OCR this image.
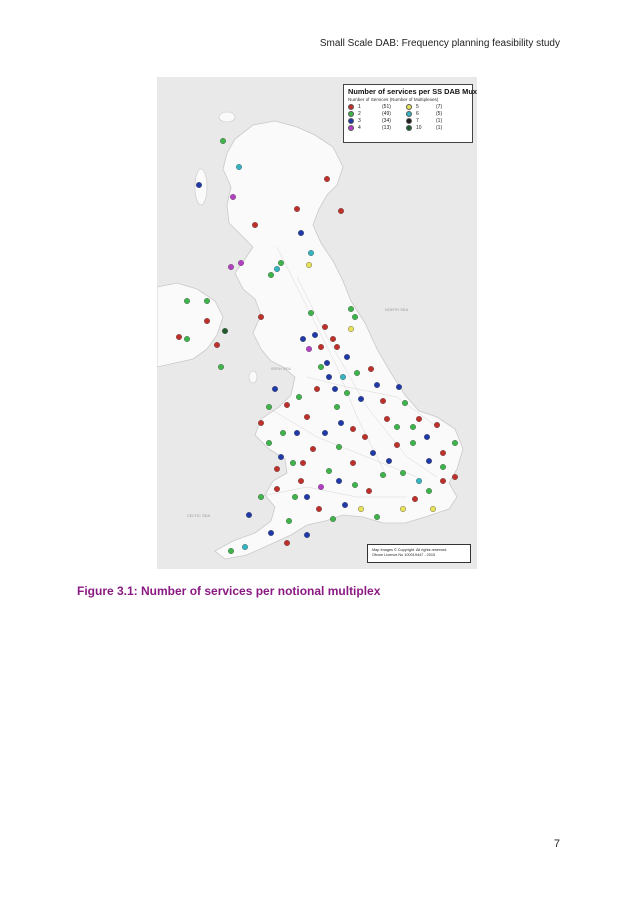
Small Scale DAB: Frequency planning feasibility study
NORTH SEA
IRISH SEA
CELTIC SEA
Number of services per SS DAB Mux
Number of Services (Number of Multiplexes)
1	(51)	5	(7)
2	(49)	6	(5)
3	(34)	7	(1)
4	(13)	10	(1)
Map Images © Copyright. All rights reserved
Ofcom Licence No 100019447 - 2015
Figure 3.1: Number of services per notional multiplex
7
